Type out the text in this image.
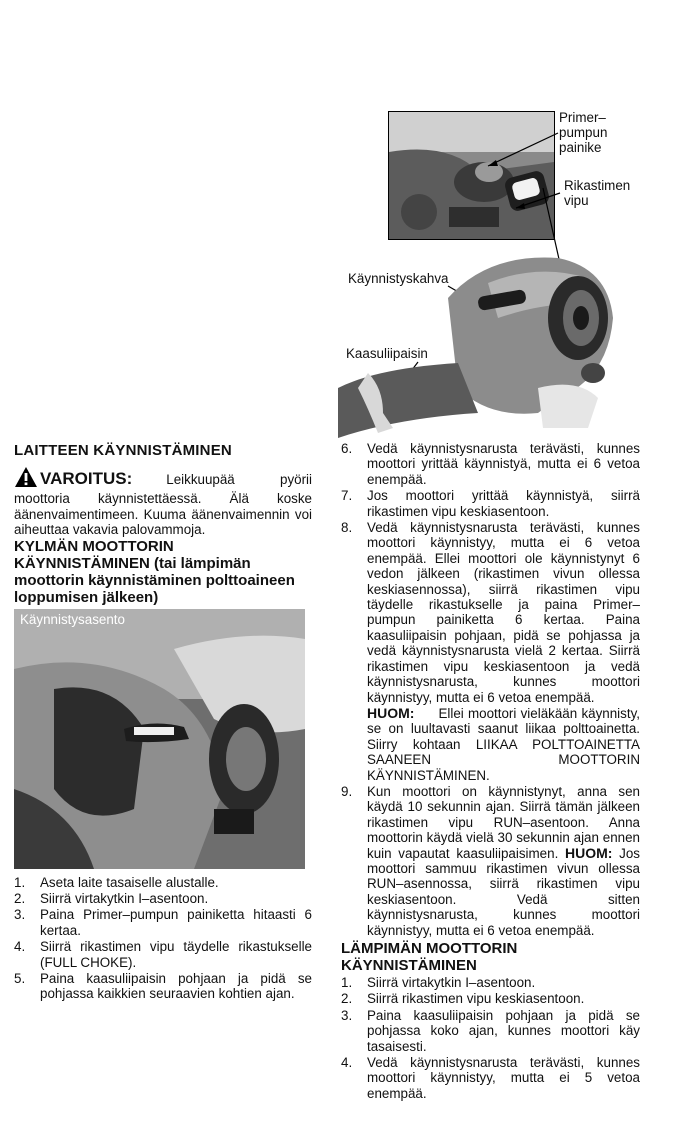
Primer–
pumpun
painike
Rikastimen
vipu
Käynnistyskahva
Kaasuliipaisin
LAITTEEN KÄYNNISTÄMINEN
VAROITUS:	Leikkuupää pyörii moottoria käynnistettäessä. Älä koske äänenvaimentimeen. Kuuma äänenvaimennin voi aiheuttaa vakavia palovammoja.
KYLMÄN MOOTTORIN KÄYNNISTÄMINEN (tai lämpimän moottorin käynnistäminen polttoaineen loppumisen jälkeen)
Käynnistysasento
1. Aseta laite tasaiselle alustalle.
2. Siirrä virtakytkin I–asentoon.
3. Paina Primer–pumpun painiketta hitaasti 6 kertaa.
4. Siirrä rikastimen vipu täydelle rikastukselle (FULL CHOKE).
5. Paina kaasuliipaisin pohjaan ja pidä se pohjassa kaikkien seuraavien kohtien ajan.
6. Vedä käynnistysnarusta terävästi, kunnes moottori yrittää käynnistyä, mutta ei 6 vetoa enempää.
7. Jos moottori yrittää käynnistyä, siirrä rikastimen vipu keskiasentoon.
8. Vedä käynnistysnarusta terävästi, kunnes moottori käynnistyy, mutta ei 6 vetoa enempää. Ellei moottori ole käynnistynyt 6 vedon jälkeen (rikastimen vivun ollessa keskiasennossa), siirrä rikastimen vipu täydelle rikastukselle ja paina Primer–pumpun painiketta 6 kertaa. Paina kaasuliipaisin pohjaan, pidä se pohjassa ja vedä käynnistysnarusta vielä 2 kertaa. Siirrä rikastimen vipu keskiasentoon ja vedä käynnistysnarusta, kunnes moottori käynnistyy, mutta ei 6 vetoa enempää.
HUOM: Ellei moottori vieläkään käynnisty, se on luultavasti saanut liikaa polttoainetta. Siirry kohtaan LIIKAA POLTTOAINETTA SAANEEN MOOTTORIN KÄYNNISTÄMINEN.
9. Kun moottori on käynnistynyt, anna sen käydä 10 sekunnin ajan. Siirrä tämän jälkeen rikastimen vipu RUN–asentoon. Anna moottorin käydä vielä 30 sekunnin ajan ennen kuin vapautat kaasuliipaisimen. HUOM: Jos moottori sammuu rikastimen vivun ollessa RUN–asennossa, siirrä rikastimen vipu keskiasentoon. Vedä sitten käynnistysnarusta, kunnes moottori käynnistyy, mutta ei 6 vetoa enempää.
LÄMPIMÄN MOOTTORIN KÄYNNISTÄMINEN
1. Siirrä virtakytkin I–asentoon.
2. Siirrä rikastimen vipu keskiasentoon.
3. Paina kaasuliipaisin pohjaan ja pidä se pohjassa koko ajan, kunnes moottori käy tasaisesti.
4. Vedä käynnistysnarusta terävästi, kunnes moottori käynnistyy, mutta ei 5 vetoa enempää.
